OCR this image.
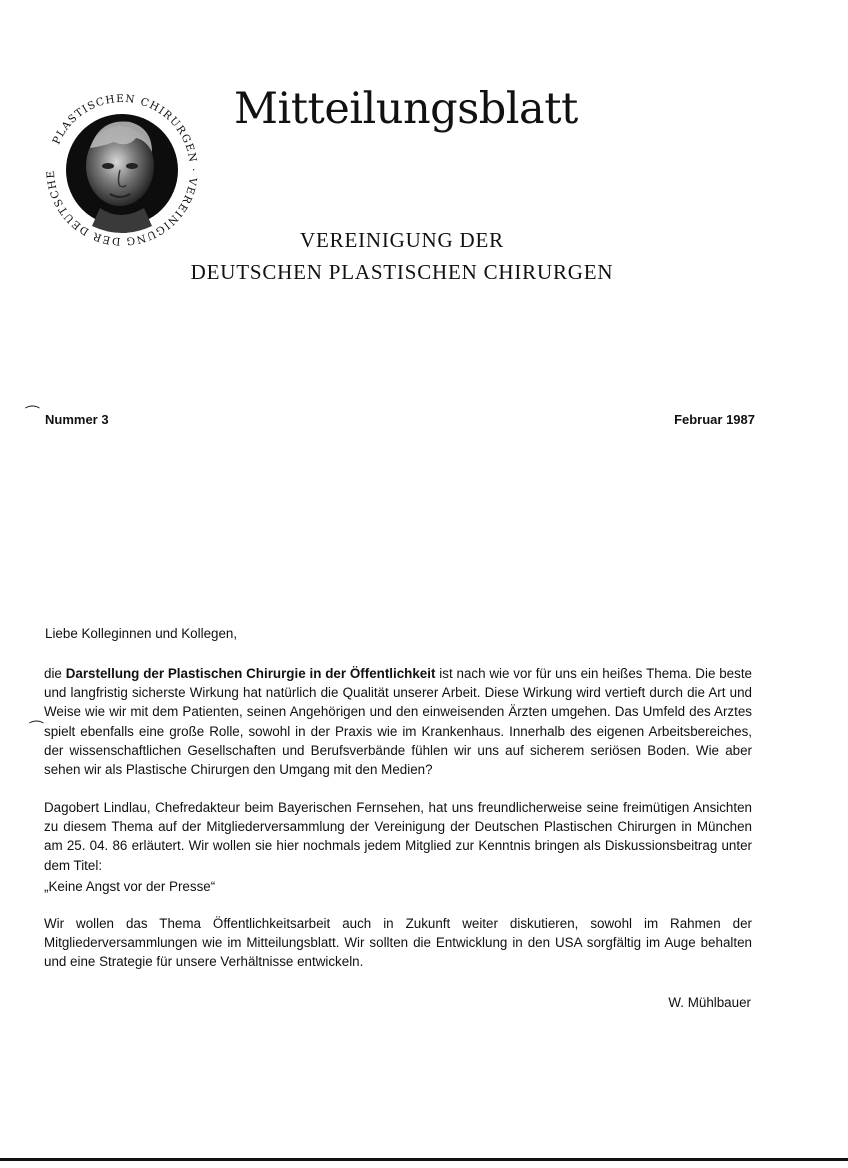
PLASTISCHEN CHIRURGEN · VEREINIGUNG DER DEUTSCHE
Mitteilungsblatt
VEREINIGUNG DER
DEUTSCHEN PLASTISCHEN CHIRURGEN
⁀
⁀
Nummer 3	Februar 1987
Liebe Kolleginnen und Kollegen,

die Darstellung der Plastischen Chirurgie in der Öffentlichkeit ist nach wie vor für uns ein heißes Thema. Die beste und langfristig sicherste Wirkung hat natürlich die Qualität unserer Arbeit. Diese Wirkung wird vertieft durch die Art und Weise wie wir mit dem Patienten, seinen Angehörigen und den einweisenden Ärzten umgehen. Das Umfeld des Arztes spielt ebenfalls eine große Rolle, sowohl in der Praxis wie im Krankenhaus. Innerhalb des eigenen Arbeitsbereiches, der wissenschaftlichen Gesellschaften und Berufsverbände fühlen wir uns auf sicherem seriösen Boden. Wie aber sehen wir als Plastische Chirurgen den Umgang mit den Medien?

Dagobert Lindlau, Chefredakteur beim Bayerischen Fernsehen, hat uns freundlicherweise seine freimütigen Ansichten zu diesem Thema auf der Mitgliederversammlung der Vereinigung der Deutschen Plastischen Chirurgen in München am 25. 04. 86 erläutert. Wir wollen sie hier nochmals jedem Mitglied zur Kenntnis bringen als Diskussionsbeitrag unter dem Titel:

„Keine Angst vor der Presse“

Wir wollen das Thema Öffentlichkeitsarbeit auch in Zukunft weiter diskutieren, sowohl im Rahmen der Mitgliederversammlungen wie im Mitteilungsblatt. Wir sollten die Entwicklung in den USA sorgfältig im Auge behalten und eine Strategie für unsere Verhältnisse entwickeln.

W. Mühlbauer
